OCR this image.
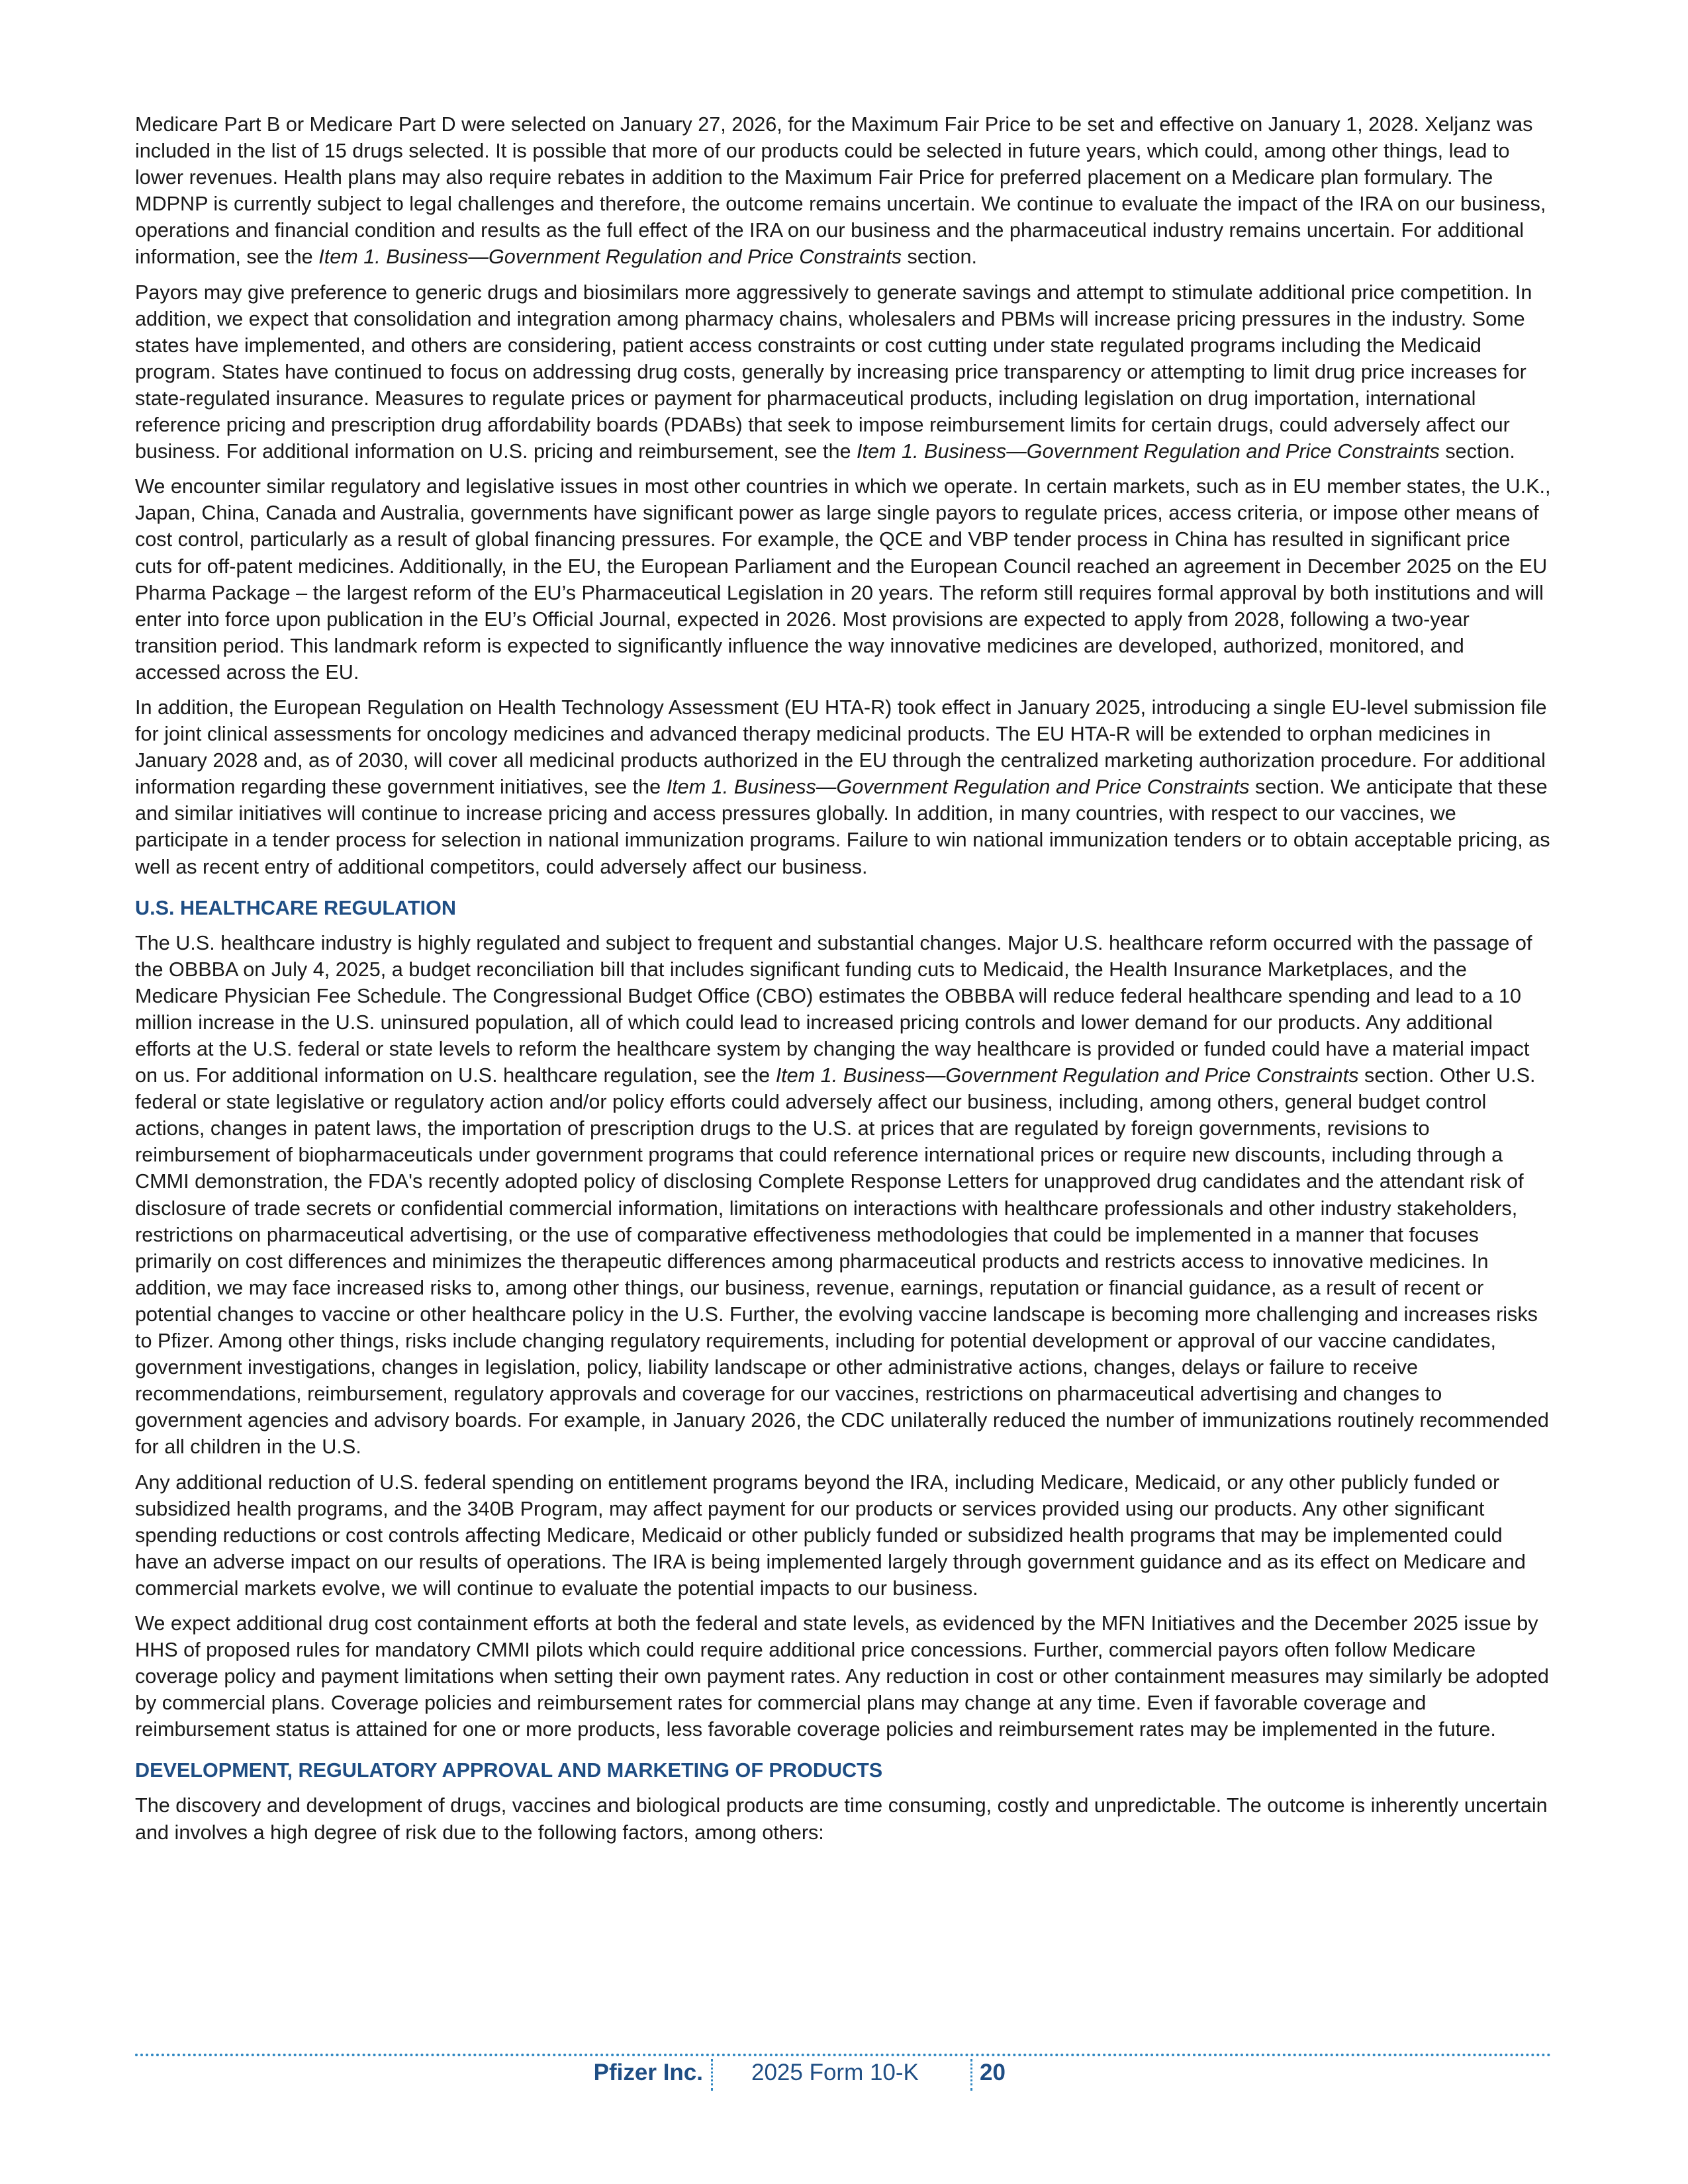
Medicare Part B or Medicare Part D were selected on January 27, 2026, for the Maximum Fair Price to be set and effective on January 1, 2028. Xeljanz was included in the list of 15 drugs selected. It is possible that more of our products could be selected in future years, which could, among other things, lead to lower revenues. Health plans may also require rebates in addition to the Maximum Fair Price for preferred placement on a Medicare plan formulary. The MDPNP is currently subject to legal challenges and therefore, the outcome remains uncertain. We continue to evaluate the impact of the IRA on our business, operations and financial condition and results as the full effect of the IRA on our business and the pharmaceutical industry remains uncertain. For additional information, see the Item 1. Business—Government Regulation and Price Constraints section.

Payors may give preference to generic drugs and biosimilars more aggressively to generate savings and attempt to stimulate additional price competition. In addition, we expect that consolidation and integration among pharmacy chains, wholesalers and PBMs will increase pricing pressures in the industry. Some states have implemented, and others are considering, patient access constraints or cost cutting under state regulated programs including the Medicaid program. States have continued to focus on addressing drug costs, generally by increasing price transparency or attempting to limit drug price increases for state-regulated insurance. Measures to regulate prices or payment for pharmaceutical products, including legislation on drug importation, international reference pricing and prescription drug affordability boards (PDABs) that seek to impose reimbursement limits for certain drugs, could adversely affect our business. For additional information on U.S. pricing and reimbursement, see the Item 1. Business—Government Regulation and Price Constraints section.

We encounter similar regulatory and legislative issues in most other countries in which we operate. In certain markets, such as in EU member states, the U.K., Japan, China, Canada and Australia, governments have significant power as large single payors to regulate prices, access criteria, or impose other means of cost control, particularly as a result of global financing pressures. For example, the QCE and VBP tender process in China has resulted in significant price cuts for off-patent medicines. Additionally, in the EU, the European Parliament and the European Council reached an agreement in December 2025 on the EU Pharma Package – the largest reform of the EU’s Pharmaceutical Legislation in 20 years. The reform still requires formal approval by both institutions and will enter into force upon publication in the EU’s Official Journal, expected in 2026. Most provisions are expected to apply from 2028, following a two-year transition period. This landmark reform is expected to significantly influence the way innovative medicines are developed, authorized, monitored, and accessed across the EU.

In addition, the European Regulation on Health Technology Assessment (EU HTA-R) took effect in January 2025, introducing a single EU-level submission file for joint clinical assessments for oncology medicines and advanced therapy medicinal products. The EU HTA-R will be extended to orphan medicines in January 2028 and, as of 2030, will cover all medicinal products authorized in the EU through the centralized marketing authorization procedure. For additional information regarding these government initiatives, see the Item 1. Business—Government Regulation and Price Constraints section. We anticipate that these and similar initiatives will continue to increase pricing and access pressures globally. In addition, in many countries, with respect to our vaccines, we participate in a tender process for selection in national immunization programs. Failure to win national immunization tenders or to obtain acceptable pricing, as well as recent entry of additional competitors, could adversely affect our business.

U.S. HEALTHCARE REGULATION

The U.S. healthcare industry is highly regulated and subject to frequent and substantial changes. Major U.S. healthcare reform occurred with the passage of the OBBBA on July 4, 2025, a budget reconciliation bill that includes significant funding cuts to Medicaid, the Health Insurance Marketplaces, and the Medicare Physician Fee Schedule. The Congressional Budget Office (CBO) estimates the OBBBA will reduce federal healthcare spending and lead to a 10 million increase in the U.S. uninsured population, all of which could lead to increased pricing controls and lower demand for our products. Any additional efforts at the U.S. federal or state levels to reform the healthcare system by changing the way healthcare is provided or funded could have a material impact on us. For additional information on U.S. healthcare regulation, see the Item 1. Business—Government Regulation and Price Constraints section. Other U.S. federal or state legislative or regulatory action and/or policy efforts could adversely affect our business, including, among others, general budget control actions, changes in patent laws, the importation of prescription drugs to the U.S. at prices that are regulated by foreign governments, revisions to reimbursement of biopharmaceuticals under government programs that could reference international prices or require new discounts, including through a CMMI demonstration, the FDA's recently adopted policy of disclosing Complete Response Letters for unapproved drug candidates and the attendant risk of disclosure of trade secrets or confidential commercial information, limitations on interactions with healthcare professionals and other industry stakeholders, restrictions on pharmaceutical advertising, or the use of comparative effectiveness methodologies that could be implemented in a manner that focuses primarily on cost differences and minimizes the therapeutic differences among pharmaceutical products and restricts access to innovative medicines. In addition, we may face increased risks to, among other things, our business, revenue, earnings, reputation or financial guidance, as a result of recent or potential changes to vaccine or other healthcare policy in the U.S. Further, the evolving vaccine landscape is becoming more challenging and increases risks to Pfizer. Among other things, risks include changing regulatory requirements, including for potential development or approval of our vaccine candidates, government investigations, changes in legislation, policy, liability landscape or other administrative actions, changes, delays or failure to receive recommendations, reimbursement, regulatory approvals and coverage for our vaccines, restrictions on pharmaceutical advertising and changes to government agencies and advisory boards. For example, in January 2026, the CDC unilaterally reduced the number of immunizations routinely recommended for all children in the U.S.

Any additional reduction of U.S. federal spending on entitlement programs beyond the IRA, including Medicare, Medicaid, or any other publicly funded or subsidized health programs, and the 340B Program, may affect payment for our products or services provided using our products. Any other significant spending reductions or cost controls affecting Medicare, Medicaid or other publicly funded or subsidized health programs that may be implemented could have an adverse impact on our results of operations. The IRA is being implemented largely through government guidance and as its effect on Medicare and commercial markets evolve, we will continue to evaluate the potential impacts to our business.

We expect additional drug cost containment efforts at both the federal and state levels, as evidenced by the MFN Initiatives and the December 2025 issue by HHS of proposed rules for mandatory CMMI pilots which could require additional price concessions. Further, commercial payors often follow Medicare coverage policy and payment limitations when setting their own payment rates. Any reduction in cost or other containment measures may similarly be adopted by commercial plans. Coverage policies and reimbursement rates for commercial plans may change at any time. Even if favorable coverage and reimbursement status is attained for one or more products, less favorable coverage policies and reimbursement rates may be implemented in the future.

DEVELOPMENT, REGULATORY APPROVAL AND MARKETING OF PRODUCTS

The discovery and development of drugs, vaccines and biological products are time consuming, costly and unpredictable. The outcome is inherently uncertain and involves a high degree of risk due to the following factors, among others:

Pfizer Inc. 2025 Form 10-K	20
